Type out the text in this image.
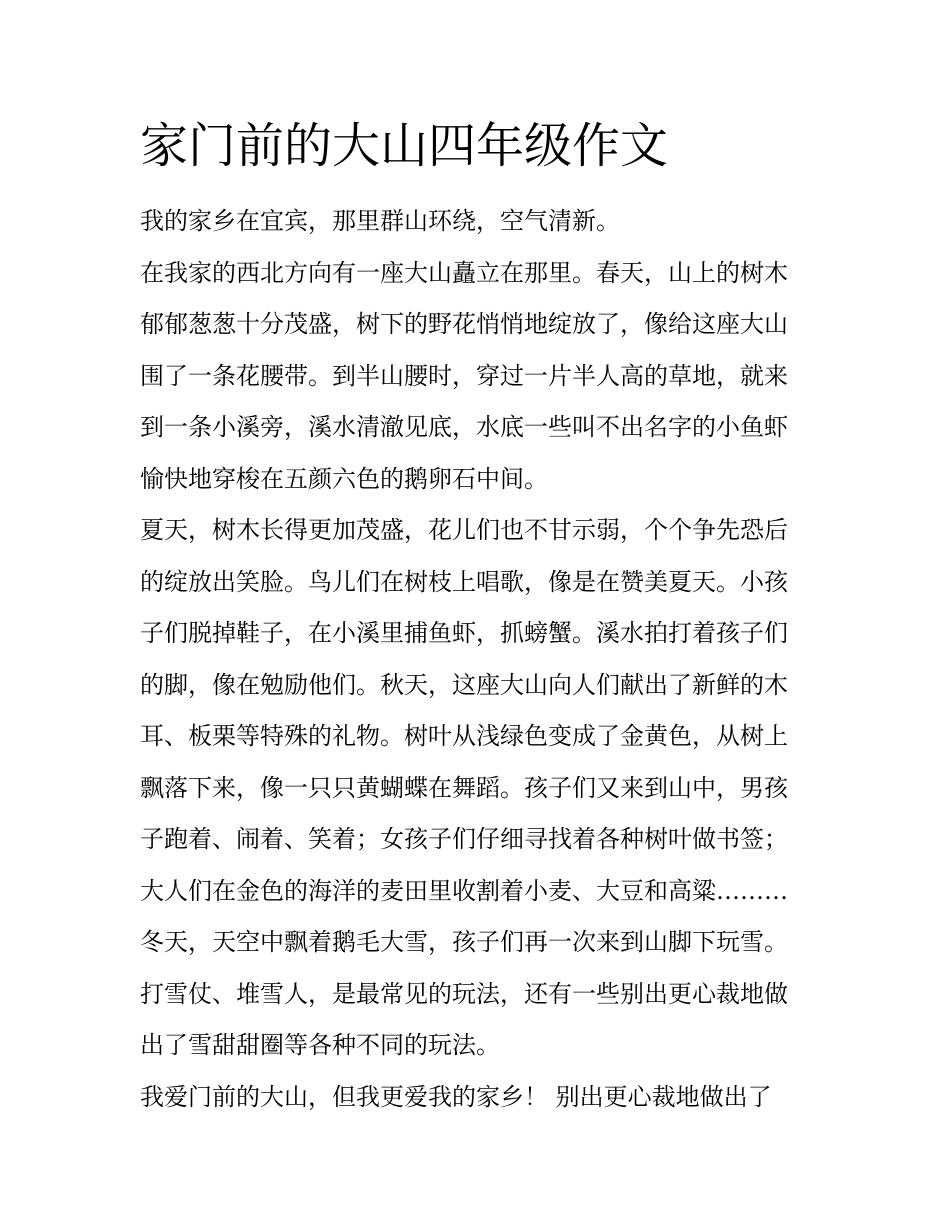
家门前的大山四年级作文

我的家乡在宜宾，那里群山环绕，空气清新。

在我家的西北方向有一座大山矗立在那里。春天，山上的树木

郁郁葱葱十分茂盛，树下的野花悄悄地绽放了，像给这座大山

围了一条花腰带。到半山腰时，穿过一片半人高的草地，就来

到一条小溪旁，溪水清澈见底，水底一些叫不出名字的小鱼虾

愉快地穿梭在五颜六色的鹅卵石中间。

夏天，树木长得更加茂盛，花儿们也不甘示弱，个个争先恐后

的绽放出笑脸。鸟儿们在树枝上唱歌，像是在赞美夏天。小孩

子们脱掉鞋子，在小溪里捕鱼虾，抓螃蟹。溪水拍打着孩子们

的脚，像在勉励他们。秋天，这座大山向人们献出了新鲜的木

耳、板栗等特殊的礼物。树叶从浅绿色变成了金黄色，从树上

飘落下来，像一只只黄蝴蝶在舞蹈。孩子们又来到山中，男孩

子跑着、闹着、笑着；女孩子们仔细寻找着各种树叶做书签；

大人们在金色的海洋的麦田里收割着小麦、大豆和高粱………

冬天，天空中飘着鹅毛大雪，孩子们再一次来到山脚下玩雪。

打雪仗、堆雪人，是最常见的玩法，还有一些别出更心裁地做

出了雪甜甜圈等各种不同的玩法。

我爱门前的大山，但我更爱我的家乡！ 别出更心裁地做出了
